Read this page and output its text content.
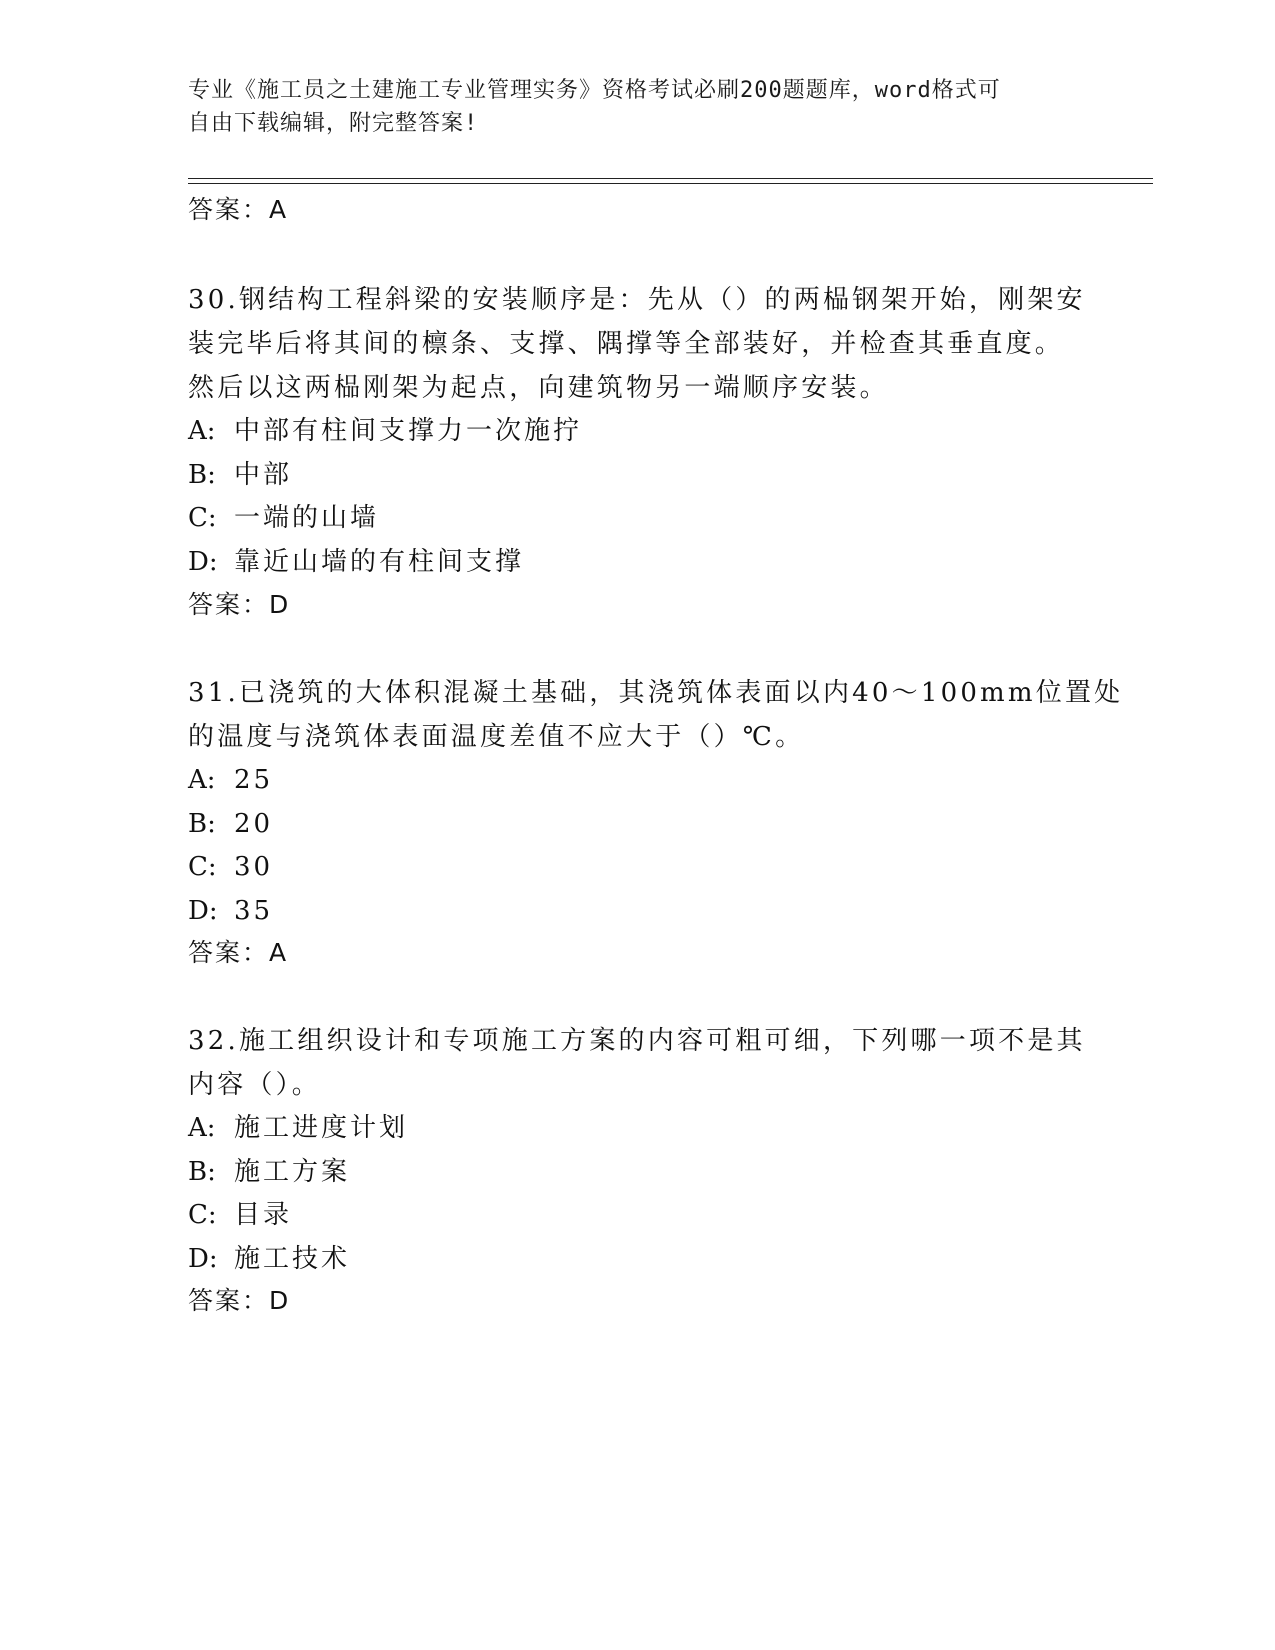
专业《施工员之土建施工专业管理实务》资格考试必刷200题题库，word格式可
自由下载编辑，附完整答案!
答案：A
30.钢结构工程斜梁的安装顺序是：先从（）的两榀钢架开始，刚架安
装完毕后将其间的檩条、支撑、隅撑等全部装好，并检查其垂直度。
然后以这两榀刚架为起点，向建筑物另一端顺序安装。
A: 中部有柱间支撑力一次施拧
B: 中部
C: 一端的山墙
D: 靠近山墙的有柱间支撑
答案：D
31.已浇筑的大体积混凝土基础，其浇筑体表面以内40～100mm位置处
的温度与浇筑体表面温度差值不应大于（）℃。
A: 25
B: 20
C: 30
D: 35
答案：A
32.施工组织设计和专项施工方案的内容可粗可细，下列哪一项不是其
内容（）。
A: 施工进度计划
B: 施工方案
C: 目录
D: 施工技术
答案：D
